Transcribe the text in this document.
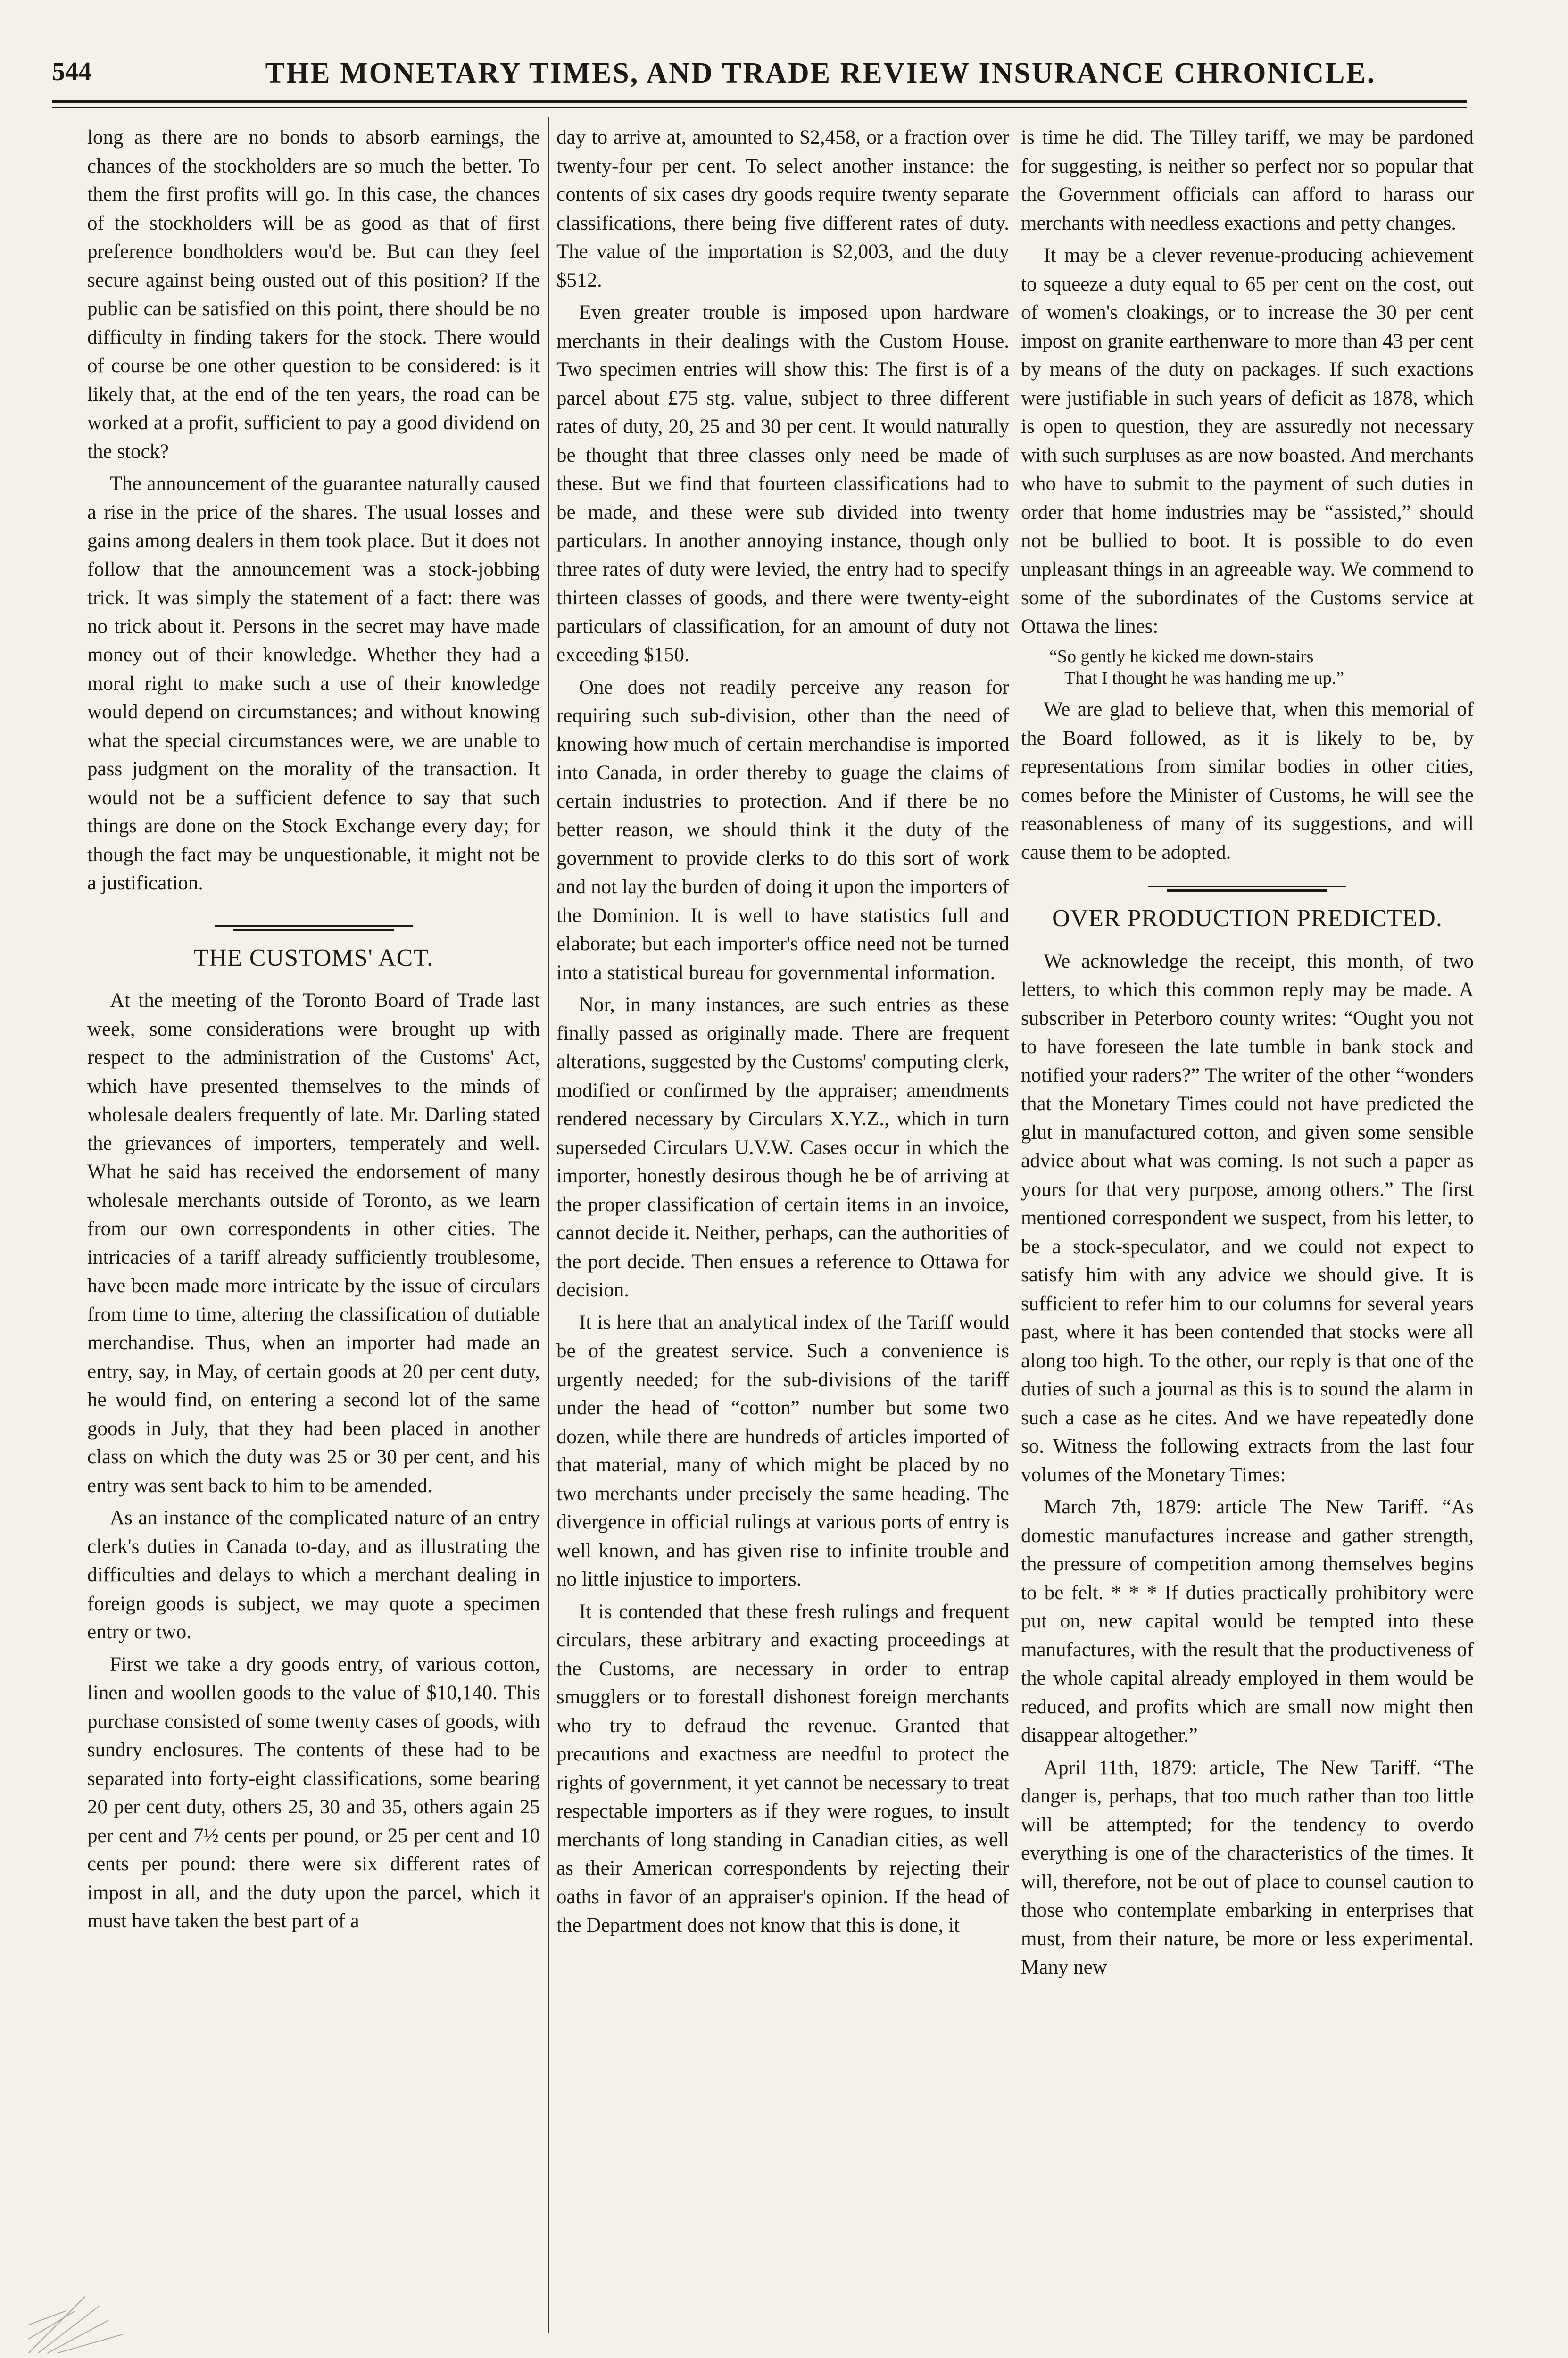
544	THE MONETARY TIMES, AND TRADE REVIEW INSURANCE CHRONICLE.

long as there are no bonds to absorb earnings, the chances of the stockholders are so much the better. To them the first profits will go. In this case, the chances of the stockholders will be as good as that of first preference bondholders wou'd be. But can they feel secure against being ousted out of this position? If the public can be satisfied on this point, there should be no difficulty in finding takers for the stock. There would of course be one other question to be considered: is it likely that, at the end of the ten years, the road can be worked at a profit, sufficient to pay a good dividend on the stock?

The announcement of the guarantee naturally caused a rise in the price of the shares. The usual losses and gains among dealers in them took place. But it does not follow that the announcement was a stock-jobbing trick. It was simply the statement of a fact: there was no trick about it. Persons in the secret may have made money out of their knowledge. Whether they had a moral right to make such a use of their knowledge would depend on circumstances; and without knowing what the special circumstances were, we are unable to pass judgment on the morality of the transaction. It would not be a sufficient defence to say that such things are done on the Stock Exchange every day; for though the fact may be unquestionable, it might not be a justification.

THE CUSTOMS' ACT.

At the meeting of the Toronto Board of Trade last week, some considerations were brought up with respect to the administration of the Customs' Act, which have presented themselves to the minds of wholesale dealers frequently of late. Mr. Darling stated the grievances of importers, temperately and well. What he said has received the endorsement of many wholesale merchants outside of Toronto, as we learn from our own correspondents in other cities. The intricacies of a tariff already sufficiently troublesome, have been made more intricate by the issue of circulars from time to time, altering the classification of dutiable merchandise. Thus, when an importer had made an entry, say, in May, of certain goods at 20 per cent duty, he would find, on entering a second lot of the same goods in July, that they had been placed in another class on which the duty was 25 or 30 per cent, and his entry was sent back to him to be amended.

As an instance of the complicated nature of an entry clerk's duties in Canada to-day, and as illustrating the difficulties and delays to which a merchant dealing in foreign goods is subject, we may quote a specimen entry or two.

First we take a dry goods entry, of various cotton, linen and woollen goods to the value of $10,140. This purchase consisted of some twenty cases of goods, with sundry enclosures. The contents of these had to be separated into forty-eight classifications, some bearing 20 per cent duty, others 25, 30 and 35, others again 25 per cent and 7½ cents per pound, or 25 per cent and 10 cents per pound: there were six different rates of impost in all, and the duty upon the parcel, which it must have taken the best part of a

day to arrive at, amounted to $2,458, or a fraction over twenty-four per cent. To select another instance: the contents of six cases dry goods require twenty separate classifications, there being five different rates of duty. The value of the importation is $2,003, and the duty $512.

Even greater trouble is imposed upon hardware merchants in their dealings with the Custom House. Two specimen entries will show this: The first is of a parcel about £75 stg. value, subject to three different rates of duty, 20, 25 and 30 per cent. It would naturally be thought that three classes only need be made of these. But we find that fourteen classifications had to be made, and these were sub divided into twenty particulars. In another annoying instance, though only three rates of duty were levied, the entry had to specify thirteen classes of goods, and there were twenty-eight particulars of classification, for an amount of duty not exceeding $150.

One does not readily perceive any reason for requiring such sub-division, other than the need of knowing how much of certain merchandise is imported into Canada, in order thereby to guage the claims of certain industries to protection. And if there be no better reason, we should think it the duty of the government to provide clerks to do this sort of work and not lay the burden of doing it upon the importers of the Dominion. It is well to have statistics full and elaborate; but each importer's office need not be turned into a statistical bureau for governmental information.

Nor, in many instances, are such entries as these finally passed as originally made. There are frequent alterations, suggested by the Customs' computing clerk, modified or confirmed by the appraiser; amendments rendered necessary by Circulars X.Y.Z., which in turn superseded Circulars U.V.W. Cases occur in which the importer, honestly desirous though he be of arriving at the proper classification of certain items in an invoice, cannot decide it. Neither, perhaps, can the authorities of the port decide. Then ensues a reference to Ottawa for decision.

It is here that an analytical index of the Tariff would be of the greatest service. Such a convenience is urgently needed; for the sub-divisions of the tariff under the head of “cotton” number but some two dozen, while there are hundreds of articles imported of that material, many of which might be placed by no two merchants under precisely the same heading. The divergence in official rulings at various ports of entry is well known, and has given rise to infinite trouble and no little injustice to importers.

It is contended that these fresh rulings and frequent circulars, these arbitrary and exacting proceedings at the Customs, are necessary in order to entrap smugglers or to forestall dishonest foreign merchants who try to defraud the revenue. Granted that precautions and exactness are needful to protect the rights of government, it yet cannot be necessary to treat respectable importers as if they were rogues, to insult merchants of long standing in Canadian cities, as well as their American correspondents by rejecting their oaths in favor of an appraiser's opinion. If the head of the Department does not know that this is done, it

is time he did. The Tilley tariff, we may be pardoned for suggesting, is neither so perfect nor so popular that the Government officials can afford to harass our merchants with needless exactions and petty changes.

It may be a clever revenue-producing achievement to squeeze a duty equal to 65 per cent on the cost, out of women's cloakings, or to increase the 30 per cent impost on granite earthenware to more than 43 per cent by means of the duty on packages. If such exactions were justifiable in such years of deficit as 1878, which is open to question, they are assuredly not necessary with such surpluses as are now boasted. And merchants who have to submit to the payment of such duties in order that home industries may be “assisted,” should not be bullied to boot. It is possible to do even unpleasant things in an agreeable way. We commend to some of the subordinates of the Customs service at Ottawa the lines:

“So gently he kicked me down-stairs
That I thought he was handing me up.”

We are glad to believe that, when this memorial of the Board followed, as it is likely to be, by representations from similar bodies in other cities, comes before the Minister of Customs, he will see the reasonableness of many of its suggestions, and will cause them to be adopted.

OVER PRODUCTION PREDICTED.

We acknowledge the receipt, this month, of two letters, to which this common reply may be made. A subscriber in Peterboro county writes: “Ought you not to have foreseen the late tumble in bank stock and notified your raders?” The writer of the other “wonders that the Monetary Times could not have predicted the glut in manufactured cotton, and given some sensible advice about what was coming. Is not such a paper as yours for that very purpose, among others.” The first mentioned correspondent we suspect, from his letter, to be a stock-speculator, and we could not expect to satisfy him with any advice we should give. It is sufficient to refer him to our columns for several years past, where it has been contended that stocks were all along too high. To the other, our reply is that one of the duties of such a journal as this is to sound the alarm in such a case as he cites. And we have repeatedly done so. Witness the following extracts from the last four volumes of the Monetary Times:

March 7th, 1879: article The New Tariff. “As domestic manufactures increase and gather strength, the pressure of competition among themselves begins to be felt. * * * If duties practically prohibitory were put on, new capital would be tempted into these manufactures, with the result that the productiveness of the whole capital already employed in them would be reduced, and profits which are small now might then disappear altogether.”

April 11th, 1879: article, The New Tariff. “The danger is, perhaps, that too much rather than too little will be attempted; for the tendency to overdo everything is one of the characteristics of the times. It will, therefore, not be out of place to counsel caution to those who contemplate embarking in enterprises that must, from their nature, be more or less experimental. Many new
